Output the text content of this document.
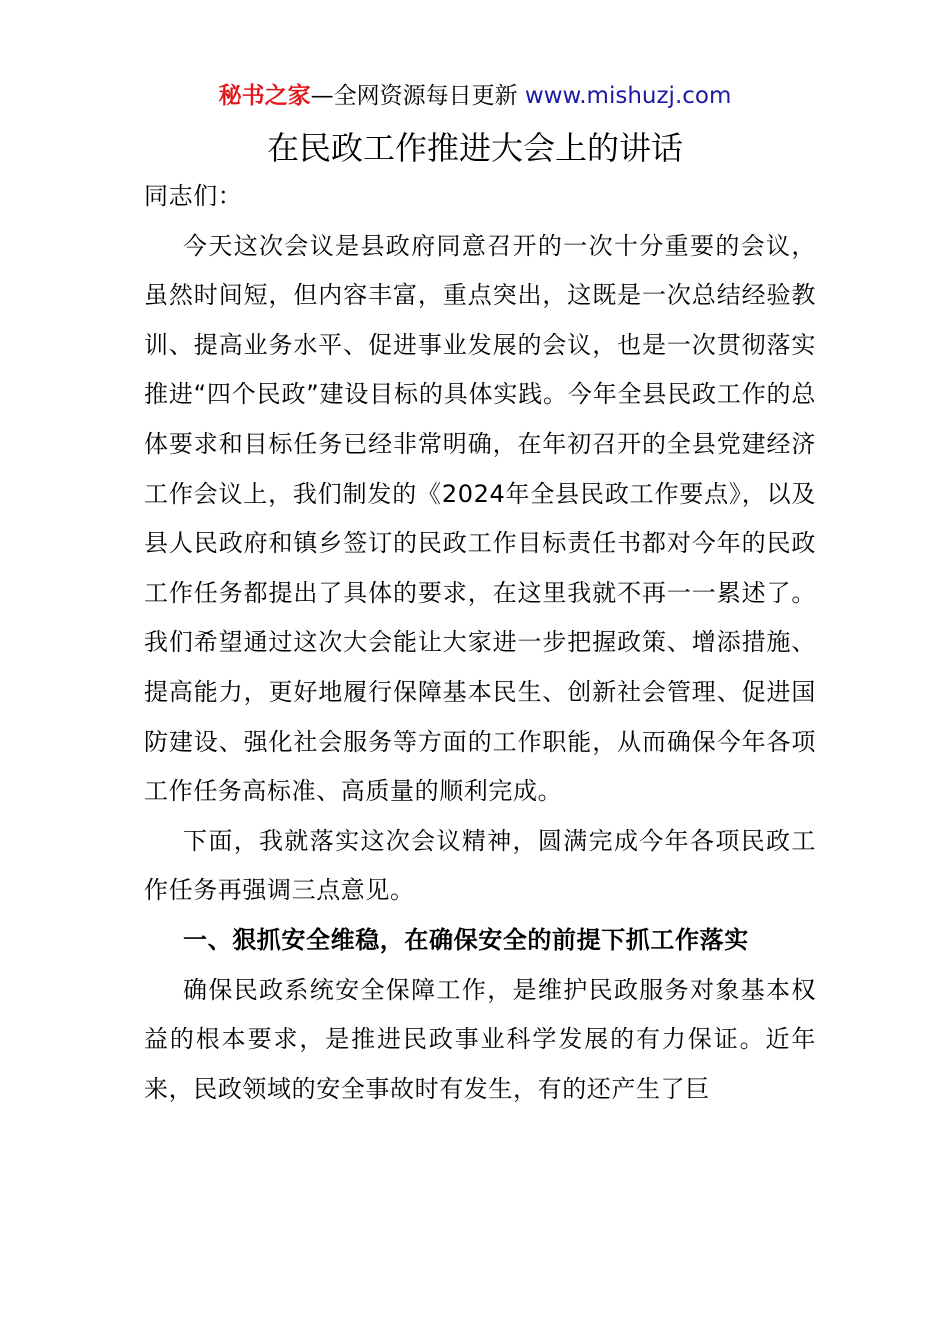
秘书之家—全网资源每日更新 www.mishuzj.com
在民政工作推进大会上的讲话

同志们：

今天这次会议是县政府同意召开的一次十分重要的会议，虽然时间短，但内容丰富，重点突出，这既是一次总结经验教训、提高业务水平、促进事业发展的会议，也是一次贯彻落实推进“四个民政”建设目标的具体实践。今年全县民政工作的总体要求和目标任务已经非常明确，在年初召开的全县党建经济工作会议上，我们制发的《2024年全县民政工作要点》，以及县人民政府和镇乡签订的民政工作目标责任书都对今年的民政工作任务都提出了具体的要求，在这里我就不再一一累述了。我们希望通过这次大会能让大家进一步把握政策、增添措施、提高能力，更好地履行保障基本民生、创新社会管理、促进国防建设、强化社会服务等方面的工作职能，从而确保今年各项工作任务高标准、高质量的顺利完成。

下面，我就落实这次会议精神，圆满完成今年各项民政工作任务再强调三点意见。

一、狠抓安全维稳，在确保安全的前提下抓工作落实

确保民政系统安全保障工作，是维护民政服务对象基本权益的根本要求，是推进民政事业科学发展的有力保证。近年来，民政领域的安全事故时有发生，有的还产生了巨
